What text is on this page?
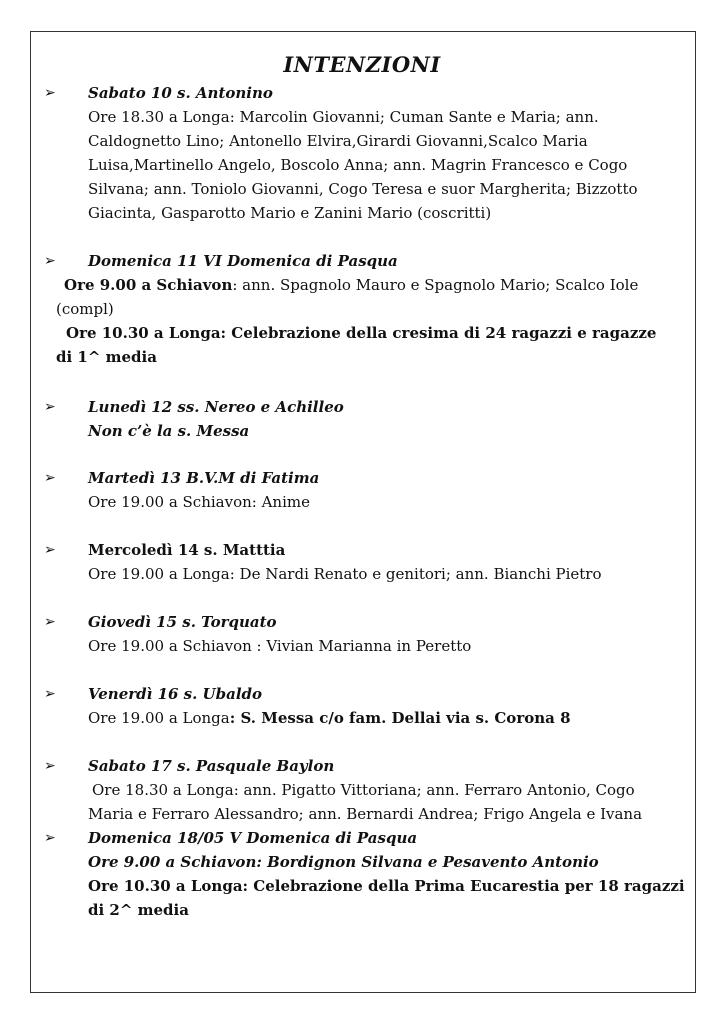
INTENZIONI
➢ Sabato 10 s. Antonino
Ore 18.30 a Longa: Marcolin Giovanni; Cuman Sante e Maria; ann.
Caldognetto Lino; Antonello Elvira,Girardi Giovanni,Scalco Maria
Luisa,Martinello Angelo, Boscolo Anna; ann. Magrin Francesco e Cogo
Silvana; ann. Toniolo Giovanni, Cogo Teresa e suor Margherita; Bizzotto
Giacinta, Gasparotto Mario e Zanini Mario (coscritti)
➢ Domenica 11 VI Domenica di Pasqua
Ore 9.00 a Schiavon: ann. Spagnolo Mauro e Spagnolo Mario; Scalco Iole
(compl)
Ore 10.30 a Longa: Celebrazione della cresima di 24 ragazzi e ragazze
di 1^ media
➢ Lunedì 12 ss. Nereo e Achilleo
Non c’è la s. Messa
➢ Martedì 13 B.V.M di Fatima
Ore 19.00 a Schiavon: Anime
➢ Mercoledì 14 s. Matttia
Ore 19.00 a Longa: De Nardi Renato e genitori; ann. Bianchi Pietro
➢ Giovedì 15 s. Torquato
Ore 19.00 a Schiavon : Vivian Marianna in Peretto
➢ Venerdì 16 s. Ubaldo
Ore 19.00 a Longa: S. Messa c/o fam. Dellai via s. Corona 8
➢ Sabato 17 s. Pasquale Baylon
Ore 18.30 a Longa: ann. Pigatto Vittoriana; ann. Ferraro Antonio, Cogo
Maria e Ferraro Alessandro; ann. Bernardi Andrea; Frigo Angela e Ivana
➢ Domenica 18/05 V Domenica di Pasqua
Ore 9.00 a Schiavon: Bordignon Silvana e Pesavento Antonio
Ore 10.30 a Longa: Celebrazione della Prima Eucarestia per 18 ragazzi
di 2^ media
